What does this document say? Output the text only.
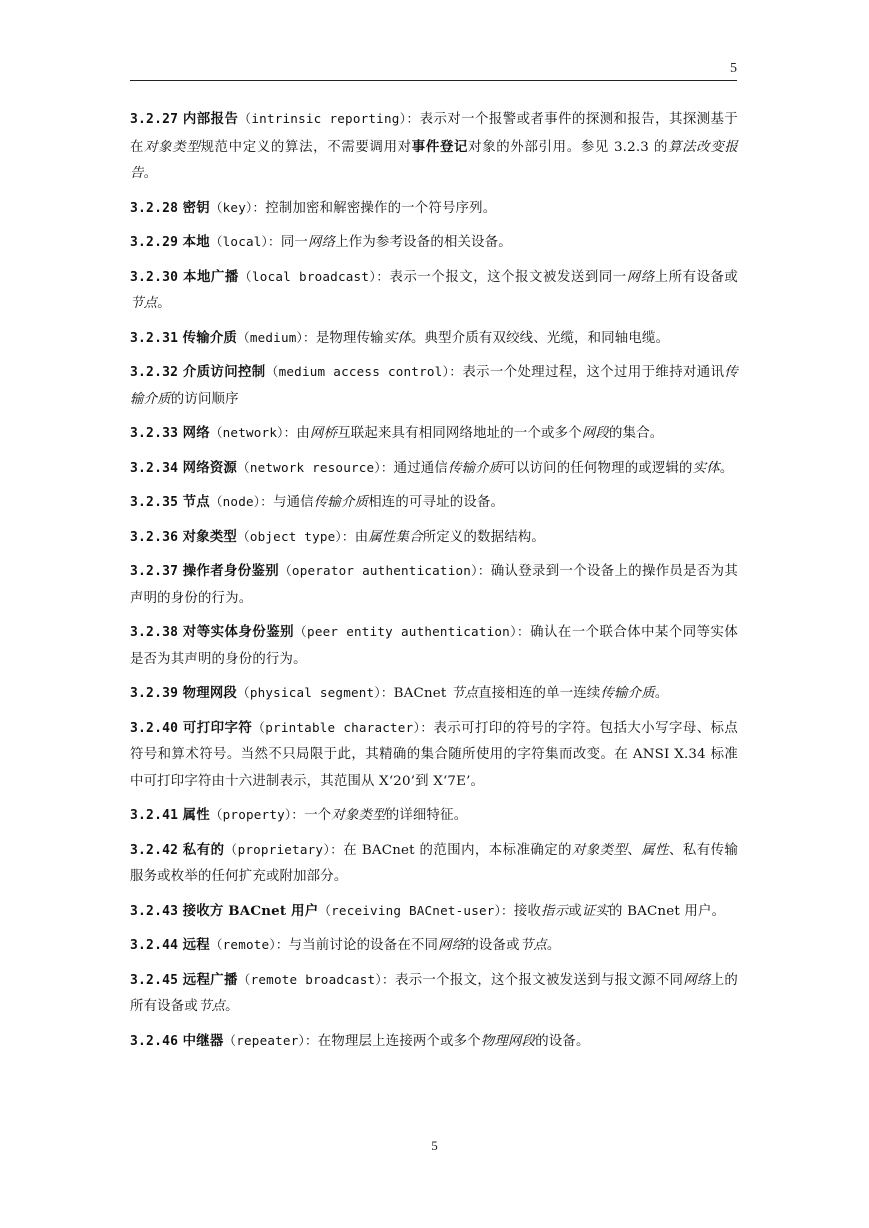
5

3.2.27 内部报告（intrinsic reporting）：表示对一个报警或者事件的探测和报告，其探测基于在对象类型规范中定义的算法，不需要调用对事件登记对象的外部引用。参见 3.2.3 的算法改变报告。

3.2.28 密钥（key）：控制加密和解密操作的一个符号序列。

3.2.29 本地（local）：同一网络上作为参考设备的相关设备。

3.2.30 本地广播（local broadcast）：表示一个报文，这个报文被发送到同一网络上所有设备或节点。

3.2.31 传输介质（medium）：是物理传输实体。典型介质有双绞线、光缆，和同轴电缆。

3.2.32 介质访问控制（medium access control）：表示一个处理过程，这个过用于维持对通讯传输介质的访问顺序

3.2.33 网络（network）：由网桥互联起来具有相同网络地址的一个或多个网段的集合。

3.2.34 网络资源（network resource）：通过通信传输介质可以访问的任何物理的或逻辑的实体。

3.2.35 节点（node）：与通信传输介质相连的可寻址的设备。

3.2.36 对象类型（object type）：由属性集合所定义的数据结构。

3.2.37 操作者身份鉴别（operator authentication）：确认登录到一个设备上的操作员是否为其声明的身份的行为。

3.2.38 对等实体身份鉴别（peer entity authentication）：确认在一个联合体中某个同等实体是否为其声明的身份的行为。

3.2.39 物理网段（physical segment）：BACnet 节点直接相连的单一连续传输介质。

3.2.40 可打印字符（printable character）：表示可打印的符号的字符。包括大小写字母、标点符号和算术符号。当然不只局限于此，其精确的集合随所使用的字符集而改变。在 ANSI X.34 标准中可打印字符由十六进制表示，其范围从 X‘20’到 X‘7E’。

3.2.41 属性（property）：一个对象类型的详细特征。

3.2.42 私有的（proprietary）：在 BACnet 的范围内，本标准确定的对象类型、属性、私有传输服务或枚举的任何扩充或附加部分。

3.2.43 接收方 BACnet 用户（receiving BACnet-user）：接收指示或证实的 BACnet 用户。

3.2.44 远程（remote）：与当前讨论的设备在不同网络的设备或节点。

3.2.45 远程广播（remote broadcast）：表示一个报文，这个报文被发送到与报文源不同网络上的所有设备或节点。

3.2.46 中继器（repeater）：在物理层上连接两个或多个物理网段的设备。

5
